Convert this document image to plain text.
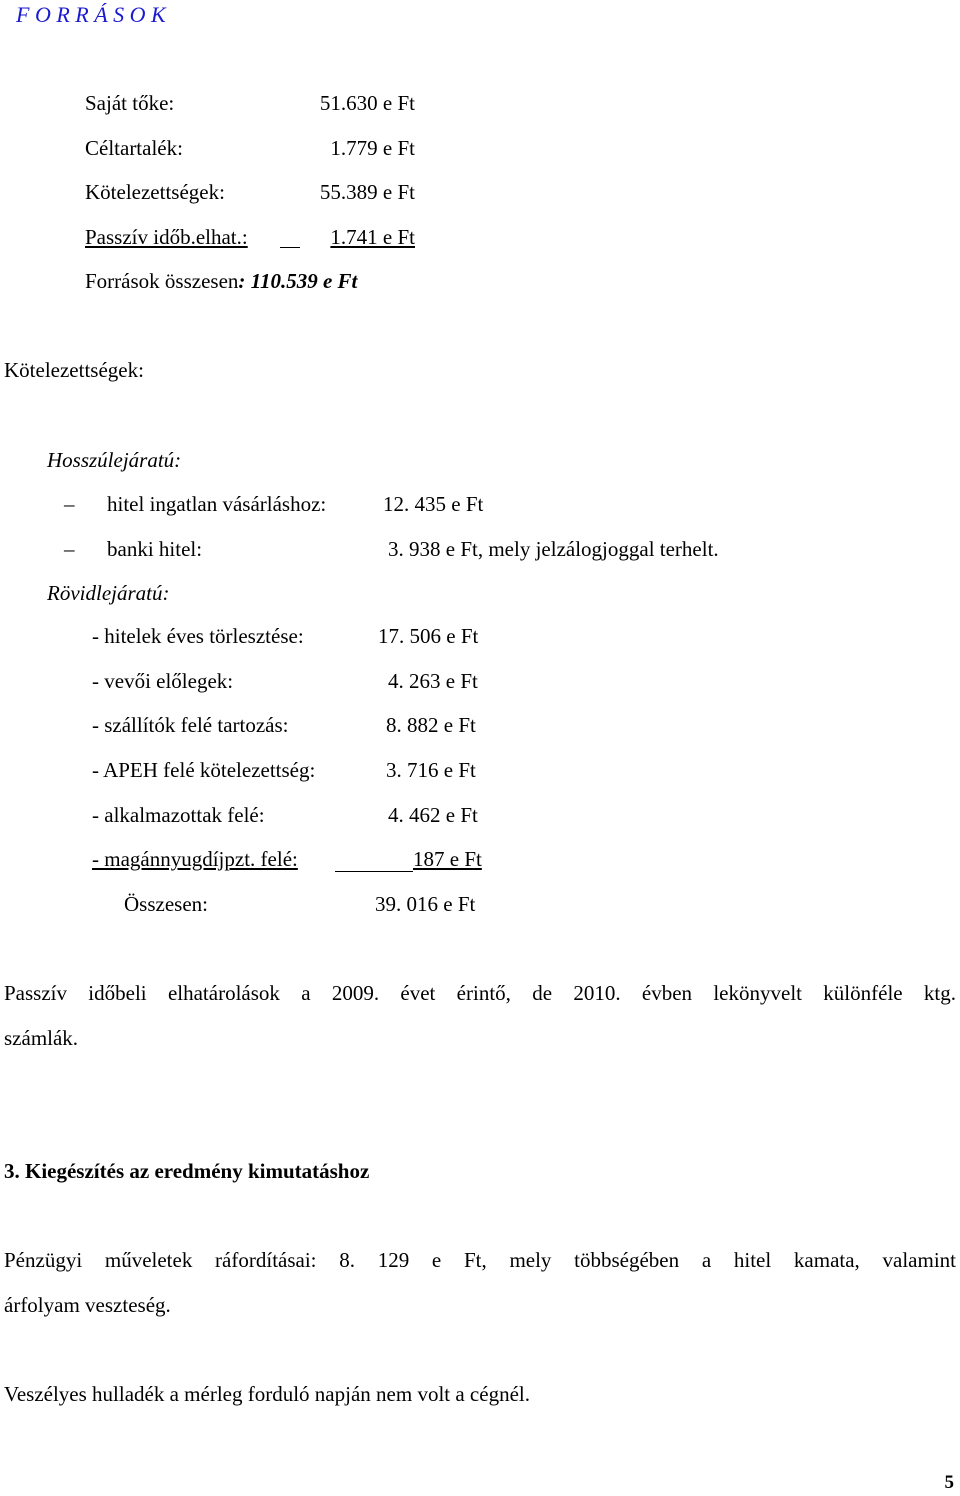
F O R R Á S O K
Saját tőke:	51.630 e Ft
Céltartalék:	1.779 e Ft
Kötelezettségek:	55.389 e Ft
Passzív időb.elhat.:	1.741 e Ft
Források összesen: 110.539 e Ft
Kötelezettségek:
Hosszúlejáratú:
– hitel ingatlan vásárláshoz:	12. 435 e Ft
– banki hitel:	3. 938 e Ft, mely jelzálogjoggal terhelt.
Rövidlejáratú:
- hitelek éves törlesztése:	17. 506 e Ft
- vevői előlegek:	4. 263 e Ft
- szállítók felé tartozás:	8. 882 e Ft
- APEH felé kötelezettség:	3. 716 e Ft
- alkalmazottak felé:	4. 462 e Ft
- magánnyugdíjpzt. felé:	187 e Ft
Összesen:	39. 016 e Ft
Passzív időbeli elhatárolások a 2009. évet érintő, de 2010. évben lekönyvelt különféle ktg.
számlák.
3. Kiegészítés az eredmény kimutatáshoz
Pénzügyi műveletek ráfordításai: 8. 129 e Ft, mely többségében a hitel kamata, valamint
árfolyam veszteség.
Veszélyes hulladék a mérleg forduló napján nem volt a cégnél.
5
